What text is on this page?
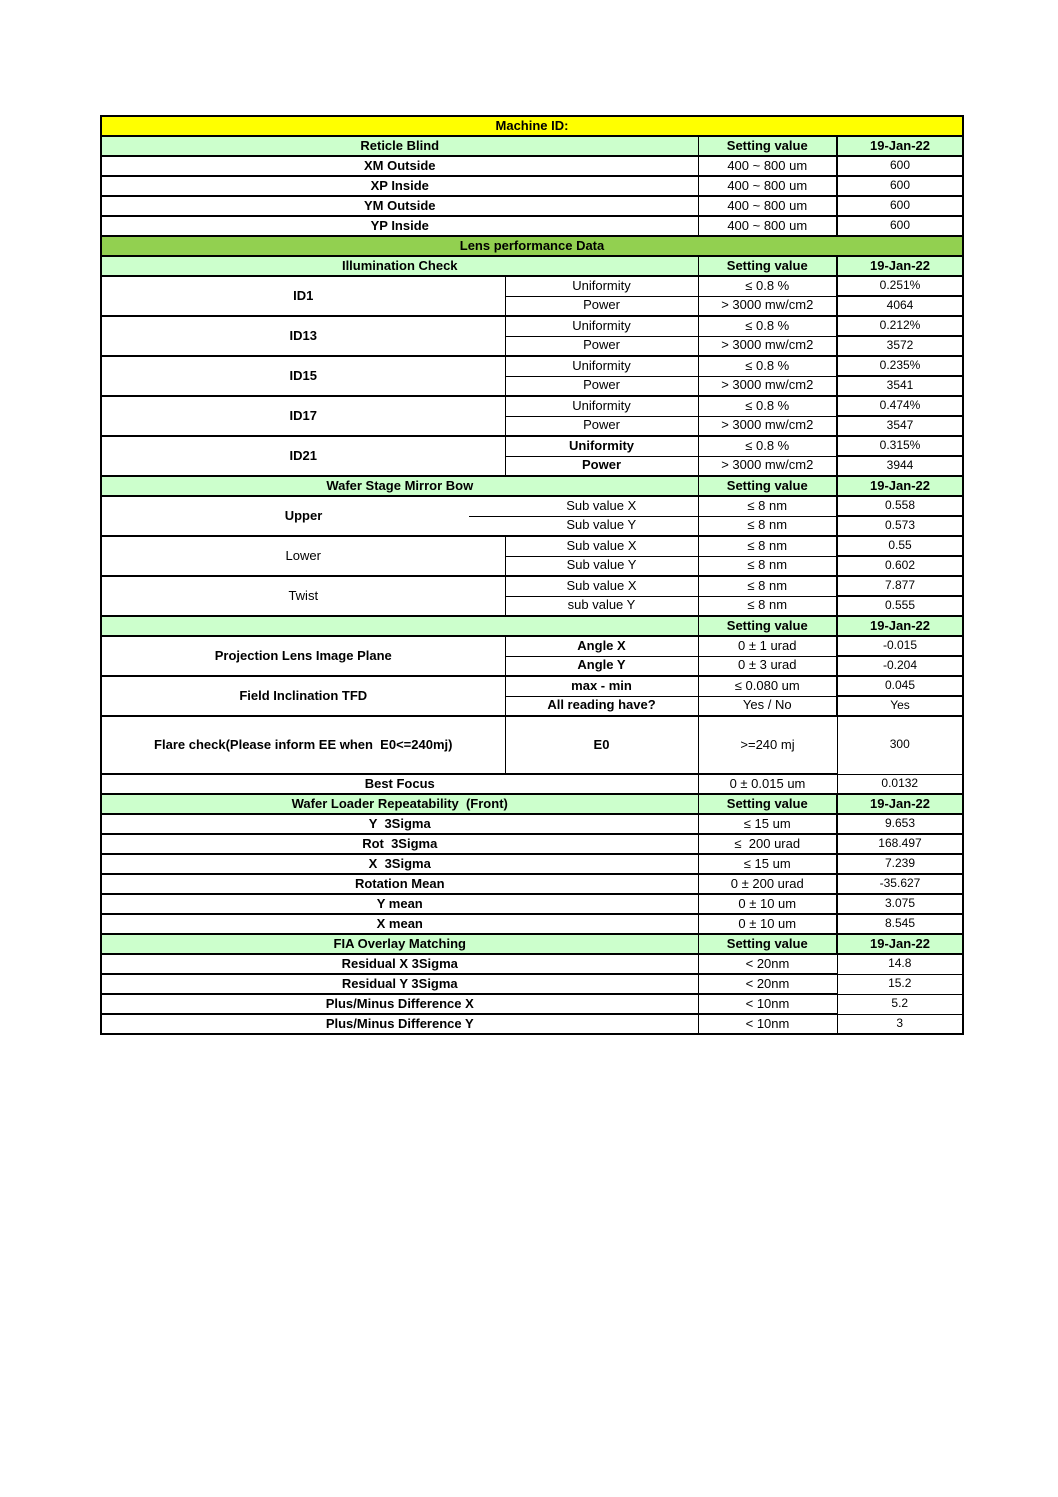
Machine ID:			
Reticle Blind		Setting value	19-Jan-22
XM Outside		400 ~ 800 um	600
XP Inside		400 ~ 800 um	600
YM Outside		400 ~ 800 um	600
YP Inside		400 ~ 800 um	600
Lens performance Data			
Illumination Check		Setting value	19-Jan-22
ID1	Uniformity	≤ 0.8 %	0.251%
	Power	> 3000 mw/cm2	4064
ID13	Uniformity	≤ 0.8 %	0.212%
	Power	> 3000 mw/cm2	3572
ID15	Uniformity	≤ 0.8 %	0.235%
	Power	> 3000 mw/cm2	3541
ID17	Uniformity	≤ 0.8 %	0.474%
	Power	> 3000 mw/cm2	3547
ID21	Uniformity	≤ 0.8 %	0.315%
	Power	> 3000 mw/cm2	3944
Wafer Stage Mirror Bow		Setting value	19-Jan-22
Upper	Sub value X	≤ 8 nm	0.558
	Sub value Y	≤ 8 nm	0.573
Lower	Sub value X	≤ 8 nm	0.55
	Sub value Y	≤ 8 nm	0.602
Twist	Sub value X	≤ 8 nm	7.877
	sub value Y	≤ 8 nm	0.555
		Setting value	19-Jan-22
Projection Lens Image Plane	Angle X	0 ± 1 urad	-0.015
	Angle Y	0 ± 3 urad	-0.204
Field Inclination TFD	max - min	≤ 0.080 um	0.045
	All reading have?	Yes / No	Yes
Flare check(Please inform EE when  E0<=240mj)	E0	>=240 mj	300
Best Focus		0 ± 0.015 um	0.0132
Wafer Loader Repeatability  (Front)		Setting value	19-Jan-22
Y  3Sigma		≤ 15 um	9.653
Rot  3Sigma		≤  200 urad	168.497
X  3Sigma		≤ 15 um	7.239
Rotation Mean		0 ± 200 urad	-35.627
Y mean		0 ± 10 um	3.075
X mean		0 ± 10 um	8.545
FIA Overlay Matching		Setting value	19-Jan-22
Residual X 3Sigma		< 20nm	14.8
Residual Y 3Sigma		< 20nm	15.2
Plus/Minus Difference X		< 10nm	5.2
Plus/Minus Difference Y		< 10nm	3
